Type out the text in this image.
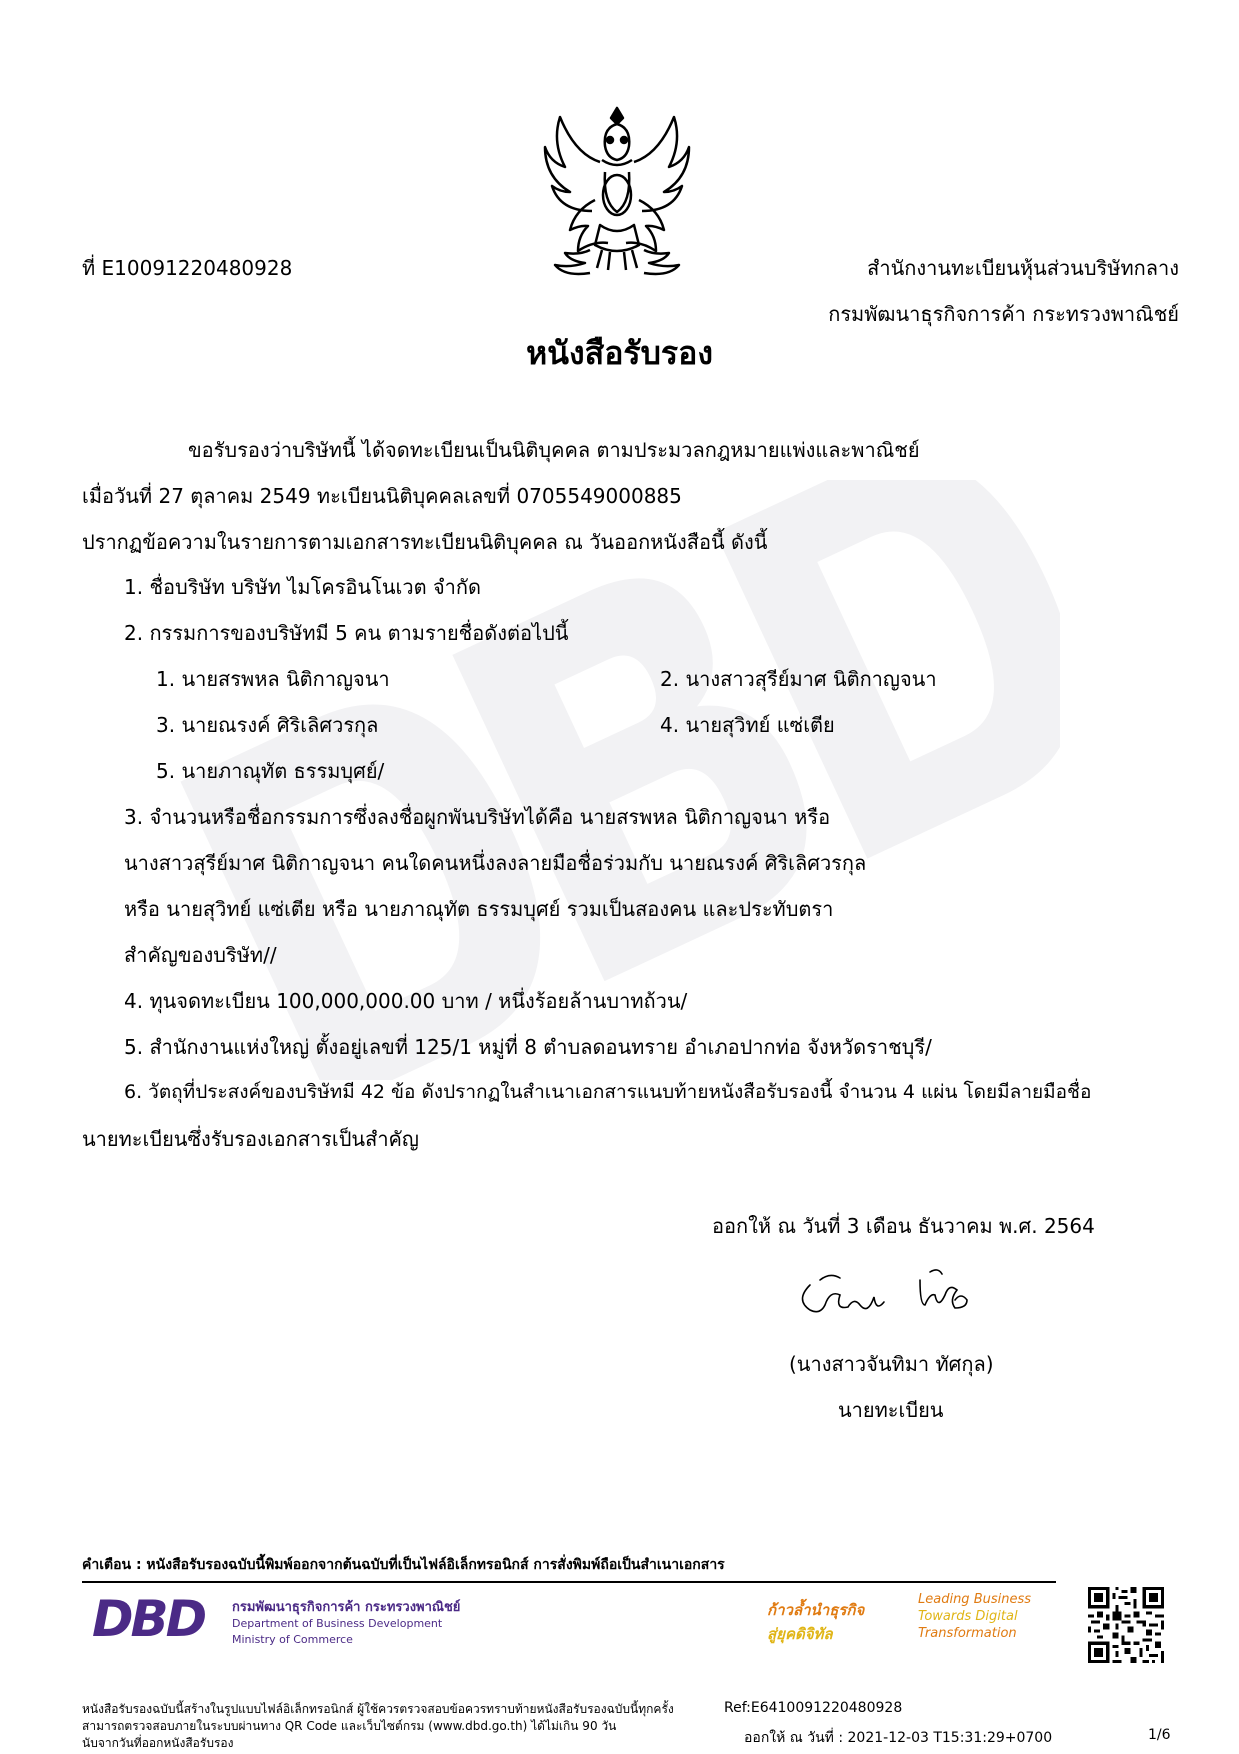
ที่ E10091220480928	สำนักงานทะเบียนหุ้นส่วนบริษัทกลาง
กรมพัฒนาธุรกิจการค้า กระทรวงพาณิชย์
หนังสือรับรอง
ขอรับรองว่าบริษัทนี้ ได้จดทะเบียนเป็นนิติบุคคล ตามประมวลกฎหมายแพ่งและพาณิชย์
เมื่อวันที่ 27 ตุลาคม 2549 ทะเบียนนิติบุคคลเลขที่ 0705549000885
ปรากฏข้อความในรายการตามเอกสารทะเบียนนิติบุคคล ณ วันออกหนังสือนี้ ดังนี้
1. ชื่อบริษัท บริษัท ไมโครอินโนเวต จำกัด
2. กรรมการของบริษัทมี 5 คน ตามรายชื่อดังต่อไปนี้
1. นายสรพหล นิติกาญจนา	2. นางสาวสุรีย์มาศ นิติกาญจนา
3. นายณรงค์ ศิริเลิศวรกุล	4. นายสุวิทย์ แซ่เตีย
5. นายภาณุทัต ธรรมบุศย์/
3. จำนวนหรือชื่อกรรมการซึ่งลงชื่อผูกพันบริษัทได้คือ นายสรพหล นิติกาญจนา หรือ
นางสาวสุรีย์มาศ นิติกาญจนา คนใดคนหนึ่งลงลายมือชื่อร่วมกับ นายณรงค์ ศิริเลิศวรกุล
หรือ นายสุวิทย์ แซ่เตีย หรือ นายภาณุทัต ธรรมบุศย์ รวมเป็นสองคน และประทับตรา
สำคัญของบริษัท//
4. ทุนจดทะเบียน 100,000,000.00 บาท / หนึ่งร้อยล้านบาทถ้วน/
5. สำนักงานแห่งใหญ่ ตั้งอยู่เลขที่ 125/1 หมู่ที่ 8 ตำบลดอนทราย อำเภอปากท่อ จังหวัดราชบุรี/
6. วัตถุที่ประสงค์ของบริษัทมี 42 ข้อ ดังปรากฏในสำเนาเอกสารแนบท้ายหนังสือรับรองนี้ จำนวน 4 แผ่น โดยมีลายมือชื่อ
นายทะเบียนซึ่งรับรองเอกสารเป็นสำคัญ
ออกให้ ณ วันที่ 3 เดือน ธันวาคม พ.ศ. 2564
(นางสาวจันทิมา ทัศกุล)
นายทะเบียน
คำเตือน : หนังสือรับรองฉบับนี้พิมพ์ออกจากต้นฉบับที่เป็นไฟล์อิเล็กทรอนิกส์ การสั่งพิมพ์ถือเป็นสำเนาเอกสาร
DBD กรมพัฒนาธุรกิจการค้า กระทรวงพาณิชย์
Department of Business Development
Ministry of Commerce
ก้าวล้ำนำธุรกิจ
สู่ยุคดิจิทัล
Leading Business
Towards Digital
Transformation
หนังสือรับรองฉบับนี้สร้างในรูปแบบไฟล์อิเล็กทรอนิกส์ ผู้ใช้ควรตรวจสอบข้อควรทราบท้ายหนังสือรับรองฉบับนี้ทุกครั้ง
สามารถตรวจสอบภายในระบบผ่านทาง QR Code และเว็บไซต์กรม (www.dbd.go.th) ได้ไม่เกิน 90 วัน
นับจากวันที่ออกหนังสือรับรอง
Ref:E6410091220480928
ออกให้ ณ วันที่ : 2021-12-03 T15:31:29+0700	1/6
